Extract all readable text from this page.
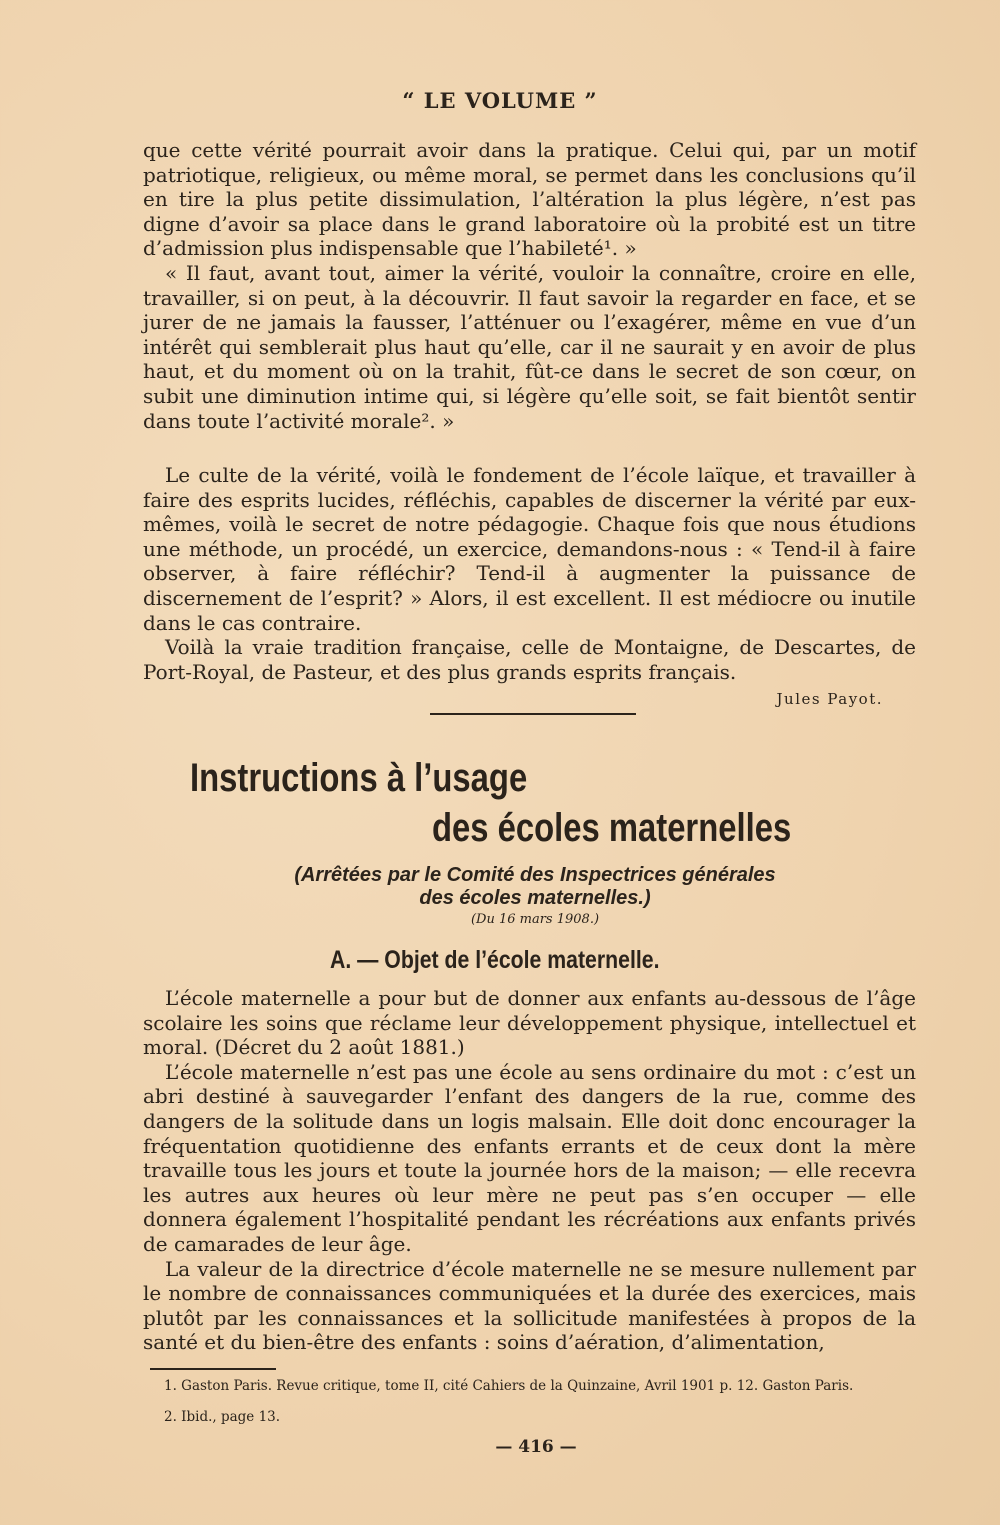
“ LE VOLUME ”

que cette vérité pourrait avoir dans la pratique. Celui qui, par un motif patriotique, religieux, ou même moral, se permet dans les conclusions qu’il en tire la plus petite dissimulation, l’altération la plus légère, n’est pas digne d’avoir sa place dans le grand laboratoire où la probité est un titre d’admission plus indispensable que l’habileté¹. »

« Il faut, avant tout, aimer la vérité, vouloir la connaître, croire en elle, travailler, si on peut, à la découvrir. Il faut savoir la regarder en face, et se jurer de ne jamais la fausser, l’atténuer ou l’exagérer, même en vue d’un intérêt qui semblerait plus haut qu’elle, car il ne saurait y en avoir de plus haut, et du moment où on la trahit, fût-ce dans le secret de son cœur, on subit une diminution intime qui, si légère qu’elle soit, se fait bientôt sentir dans toute l’activité morale². »

Le culte de la vérité, voilà le fondement de l’école laïque, et travailler à faire des esprits lucides, réfléchis, capables de discerner la vérité par eux-mêmes, voilà le secret de notre pédagogie. Chaque fois que nous étudions une méthode, un procédé, un exercice, demandons-nous : « Tend-il à faire observer, à faire réfléchir? Tend-il à augmenter la puissance de discernement de l’esprit? » Alors, il est excellent. Il est médiocre ou inutile dans le cas contraire.

Voilà la vraie tradition française, celle de Montaigne, de Descartes, de Port-Royal, de Pasteur, et des plus grands esprits français.

Jules Payot.
Instructions à l’usage
des écoles maternelles
(Arrêtées par le Comité des Inspectrices générales
des écoles maternelles.)
(Du 16 mars 1908.)
A. — Objet de l’école maternelle.

L’école maternelle a pour but de donner aux enfants au-dessous de l’âge scolaire les soins que réclame leur développement physique, intellectuel et moral. (Décret du 2 août 1881.)

L’école maternelle n’est pas une école au sens ordinaire du mot : c’est un abri destiné à sauvegarder l’enfant des dangers de la rue, comme des dangers de la solitude dans un logis malsain. Elle doit donc encourager la fréquentation quotidienne des enfants errants et de ceux dont la mère travaille tous les jours et toute la journée hors de la maison; — elle recevra les autres aux heures où leur mère ne peut pas s’en occuper — elle donnera également l’hospitalité pendant les récréations aux enfants privés de camarades de leur âge.

La valeur de la directrice d’école maternelle ne se mesure nullement par le nombre de connaissances communiquées et la durée des exercices, mais plutôt par les connaissances et la sollicitude manifestées à propos de la santé et du bien-être des enfants : soins d’aération, d’alimentation,

1. Gaston Paris. Revue critique, tome II, cité Cahiers de la Quinzaine, Avril 1901 p. 12. Gaston Paris.
2. Ibid., page 13.
— 416 —
